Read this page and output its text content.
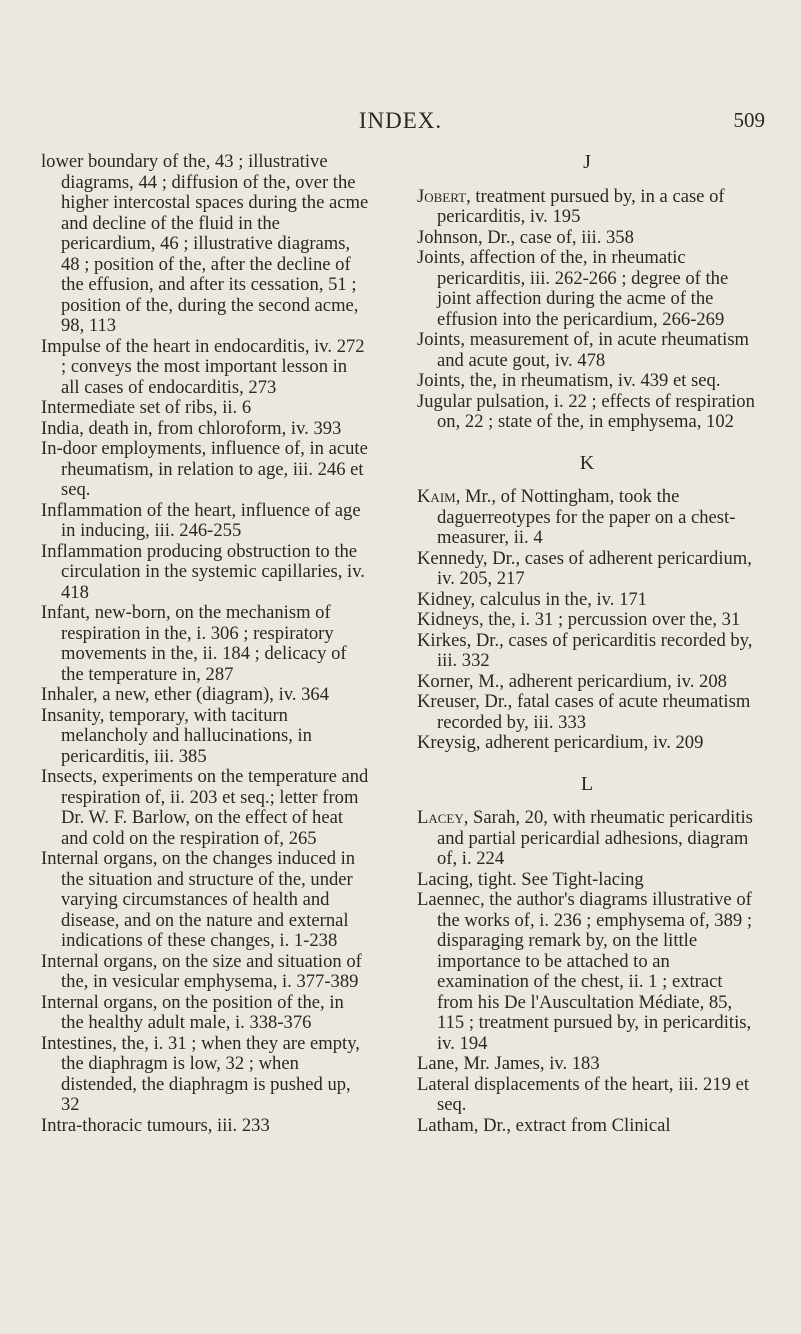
INDEX.	509

lower boundary of the, 43 ; illustrative diagrams, 44 ; diffusion of the, over the higher intercostal spaces during the acme and decline of the fluid in the pericardium, 46 ; illustrative diagrams, 48 ; position of the, after the decline of the effusion, and after its cessation, 51 ; position of the, during the second acme, 98, 113

Impulse of the heart in endocarditis, iv. 272 ; conveys the most important lesson in all cases of endocarditis, 273

Intermediate set of ribs, ii. 6

India, death in, from chloroform, iv. 393

In-door employments, influence of, in acute rheumatism, in relation to age, iii. 246 et seq.

Inflammation of the heart, influence of age in inducing, iii. 246-255

Inflammation producing obstruction to the circulation in the systemic capillaries, iv. 418

Infant, new-born, on the mechanism of respiration in the, i. 306 ; respiratory movements in the, ii. 184 ; delicacy of the temperature in, 287

Inhaler, a new, ether (diagram), iv. 364

Insanity, temporary, with taciturn melancholy and hallucinations, in pericarditis, iii. 385

Insects, experiments on the temperature and respiration of, ii. 203 et seq.; letter from Dr. W. F. Barlow, on the effect of heat and cold on the respiration of, 265

Internal organs, on the changes induced in the situation and structure of the, under varying circumstances of health and disease, and on the nature and external indications of these changes, i. 1-238

Internal organs, on the size and situation of the, in vesicular emphysema, i. 377-389

Internal organs, on the position of the, in the healthy adult male, i. 338-376

Intestines, the, i. 31 ; when they are empty, the diaphragm is low, 32 ; when distended, the diaphragm is pushed up, 32

Intra-thoracic tumours, iii. 233

J

Jobert, treatment pursued by, in a case of pericarditis, iv. 195

Johnson, Dr., case of, iii. 358

Joints, affection of the, in rheumatic pericarditis, iii. 262-266 ; degree of the joint affection during the acme of the effusion into the pericardium, 266-269

Joints, measurement of, in acute rheumatism and acute gout, iv. 478

Joints, the, in rheumatism, iv. 439 et seq.

Jugular pulsation, i. 22 ; effects of respiration on, 22 ; state of the, in emphysema, 102

K

Kaim, Mr., of Nottingham, took the daguerreotypes for the paper on a chest-measurer, ii. 4

Kennedy, Dr., cases of adherent pericardium, iv. 205, 217

Kidney, calculus in the, iv. 171

Kidneys, the, i. 31 ; percussion over the, 31

Kirkes, Dr., cases of pericarditis recorded by, iii. 332

Korner, M., adherent pericardium, iv. 208

Kreuser, Dr., fatal cases of acute rheumatism recorded by, iii. 333

Kreysig, adherent pericardium, iv. 209

L

Lacey, Sarah, 20, with rheumatic pericarditis and partial pericardial adhesions, diagram of, i. 224

Lacing, tight. See Tight-lacing

Laennec, the author's diagrams illustrative of the works of, i. 236 ; emphysema of, 389 ; disparaging remark by, on the little importance to be attached to an examination of the chest, ii. 1 ; extract from his De l'Auscultation Médiate, 85, 115 ; treatment pursued by, in pericarditis, iv. 194

Lane, Mr. James, iv. 183

Lateral displacements of the heart, iii. 219 et seq.

Latham, Dr., extract from Clinical
